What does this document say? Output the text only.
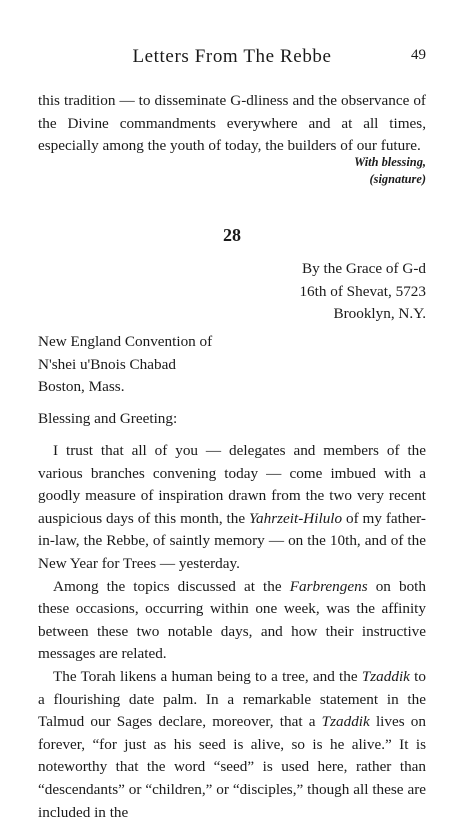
Letters From The Rebbe	49
this tradition — to disseminate G-dliness and the observance of the Divine commandments everywhere and at all times, especially among the youth of today, the builders of our future.
With blessing,
(signature)
28
By the Grace of G-d
16th of Shevat, 5723
Brooklyn, N.Y.
New England Convention of
N'shei u'Bnois Chabad
Boston, Mass.
Blessing and Greeting:

I trust that all of you — delegates and members of the various branches convening today — come imbued with a goodly measure of inspiration drawn from the two very recent auspicious days of this month, the Yahrzeit-Hilulo of my father-in-law, the Rebbe, of saintly memory — on the 10th, and of the New Year for Trees — yesterday.

Among the topics discussed at the Farbrengens on both these occasions, occurring within one week, was the affinity between these two notable days, and how their instructive messages are related.

The Torah likens a human being to a tree, and the Tzaddik to a flourishing date palm. In a remarkable statement in the Talmud our Sages declare, moreover, that a Tzaddik lives on forever, “for just as his seed is alive, so is he alive.” It is noteworthy that the word “seed” is used here, rather than “descendants” or “children,” or “disciples,” though all these are included in the
